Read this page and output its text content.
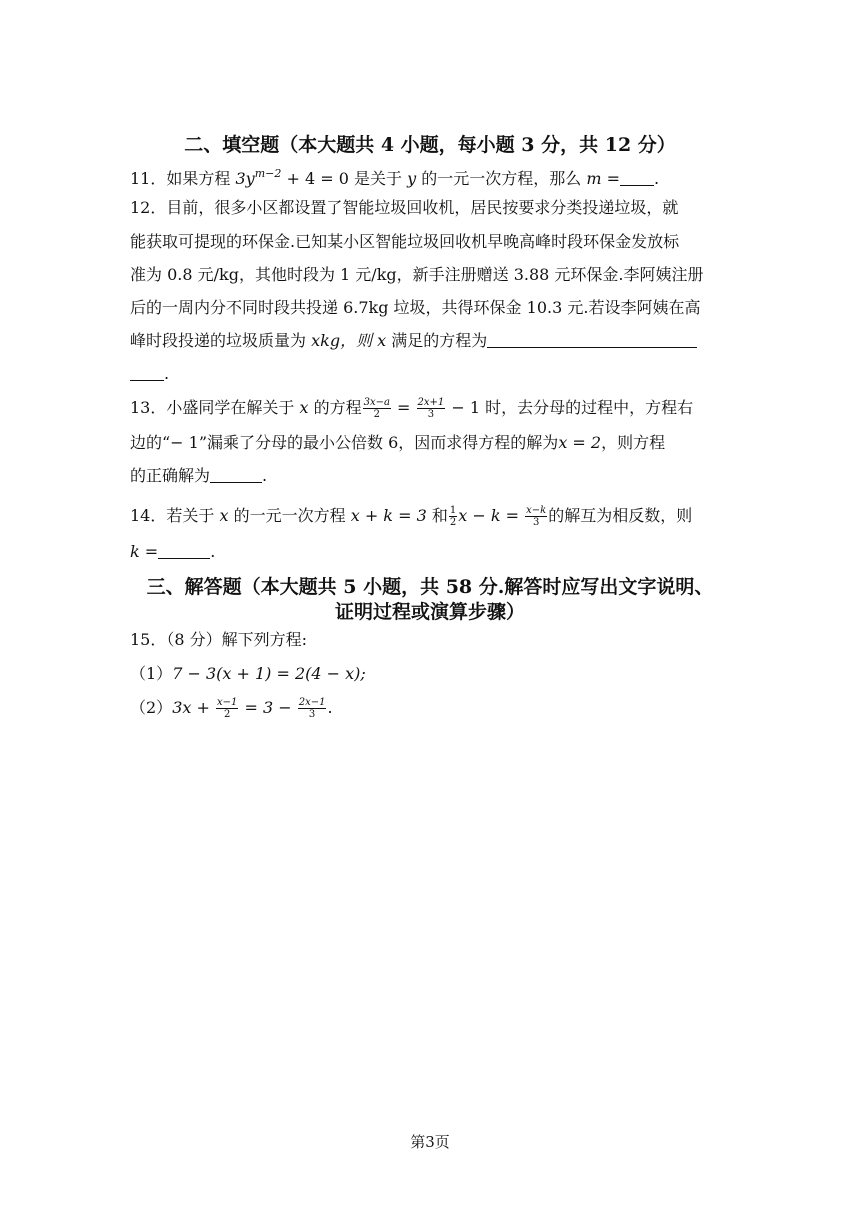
二、填空题（本大题共 4 小题，每小题 3 分，共 12 分）
11．如果方程 $3y^{m-2} + 4 = 0$ 是关于 y 的一元一次方程，那么 m = .
12．目前，很多小区都设置了智能垃圾回收机，居民按要求分类投递垃圾，就
能获取可提现的环保金.已知某小区智能垃圾回收机早晚高峰时段环保金发放标
准为 0.8 元/kg，其他时段为 1 元/kg，新手注册赠送 3.88 元环保金.李阿姨注册
后的一周内分不同时段共投递 6.7kg 垃圾，共得环保金 10.3 元.若设李阿姨在高
峰时段投递的垃圾质量为 xkg，则 x 满足的方程为
.
13．小盛同学在解关于 x 的方程 $\frac{3x-a}{2} = \frac{2x+1}{3} - 1$ 时，去分母的过程中，方程右
边的“− 1”漏乘了分母的最小公倍数 6，因而求得方程的解为x = 2，则方程
的正确解为	.
14．若关于 x 的一元一次方程 x + k = 3 和 $\frac{1}{2}$ $x - k = \frac{x-k}{3}$ 的解互为相反数，则
k =	.
三、解答题（本大题共 5 小题，共 58 分.解答时应写出文字说明、
证明过程或演算步骤）
15．（8 分）解下列方程:
（1）7 − 3(x + 1) = 2(4 − x);
$(2)3x + \frac{x-1}{2} = 3 - \frac{2x-1}{3}$ .
第3页
